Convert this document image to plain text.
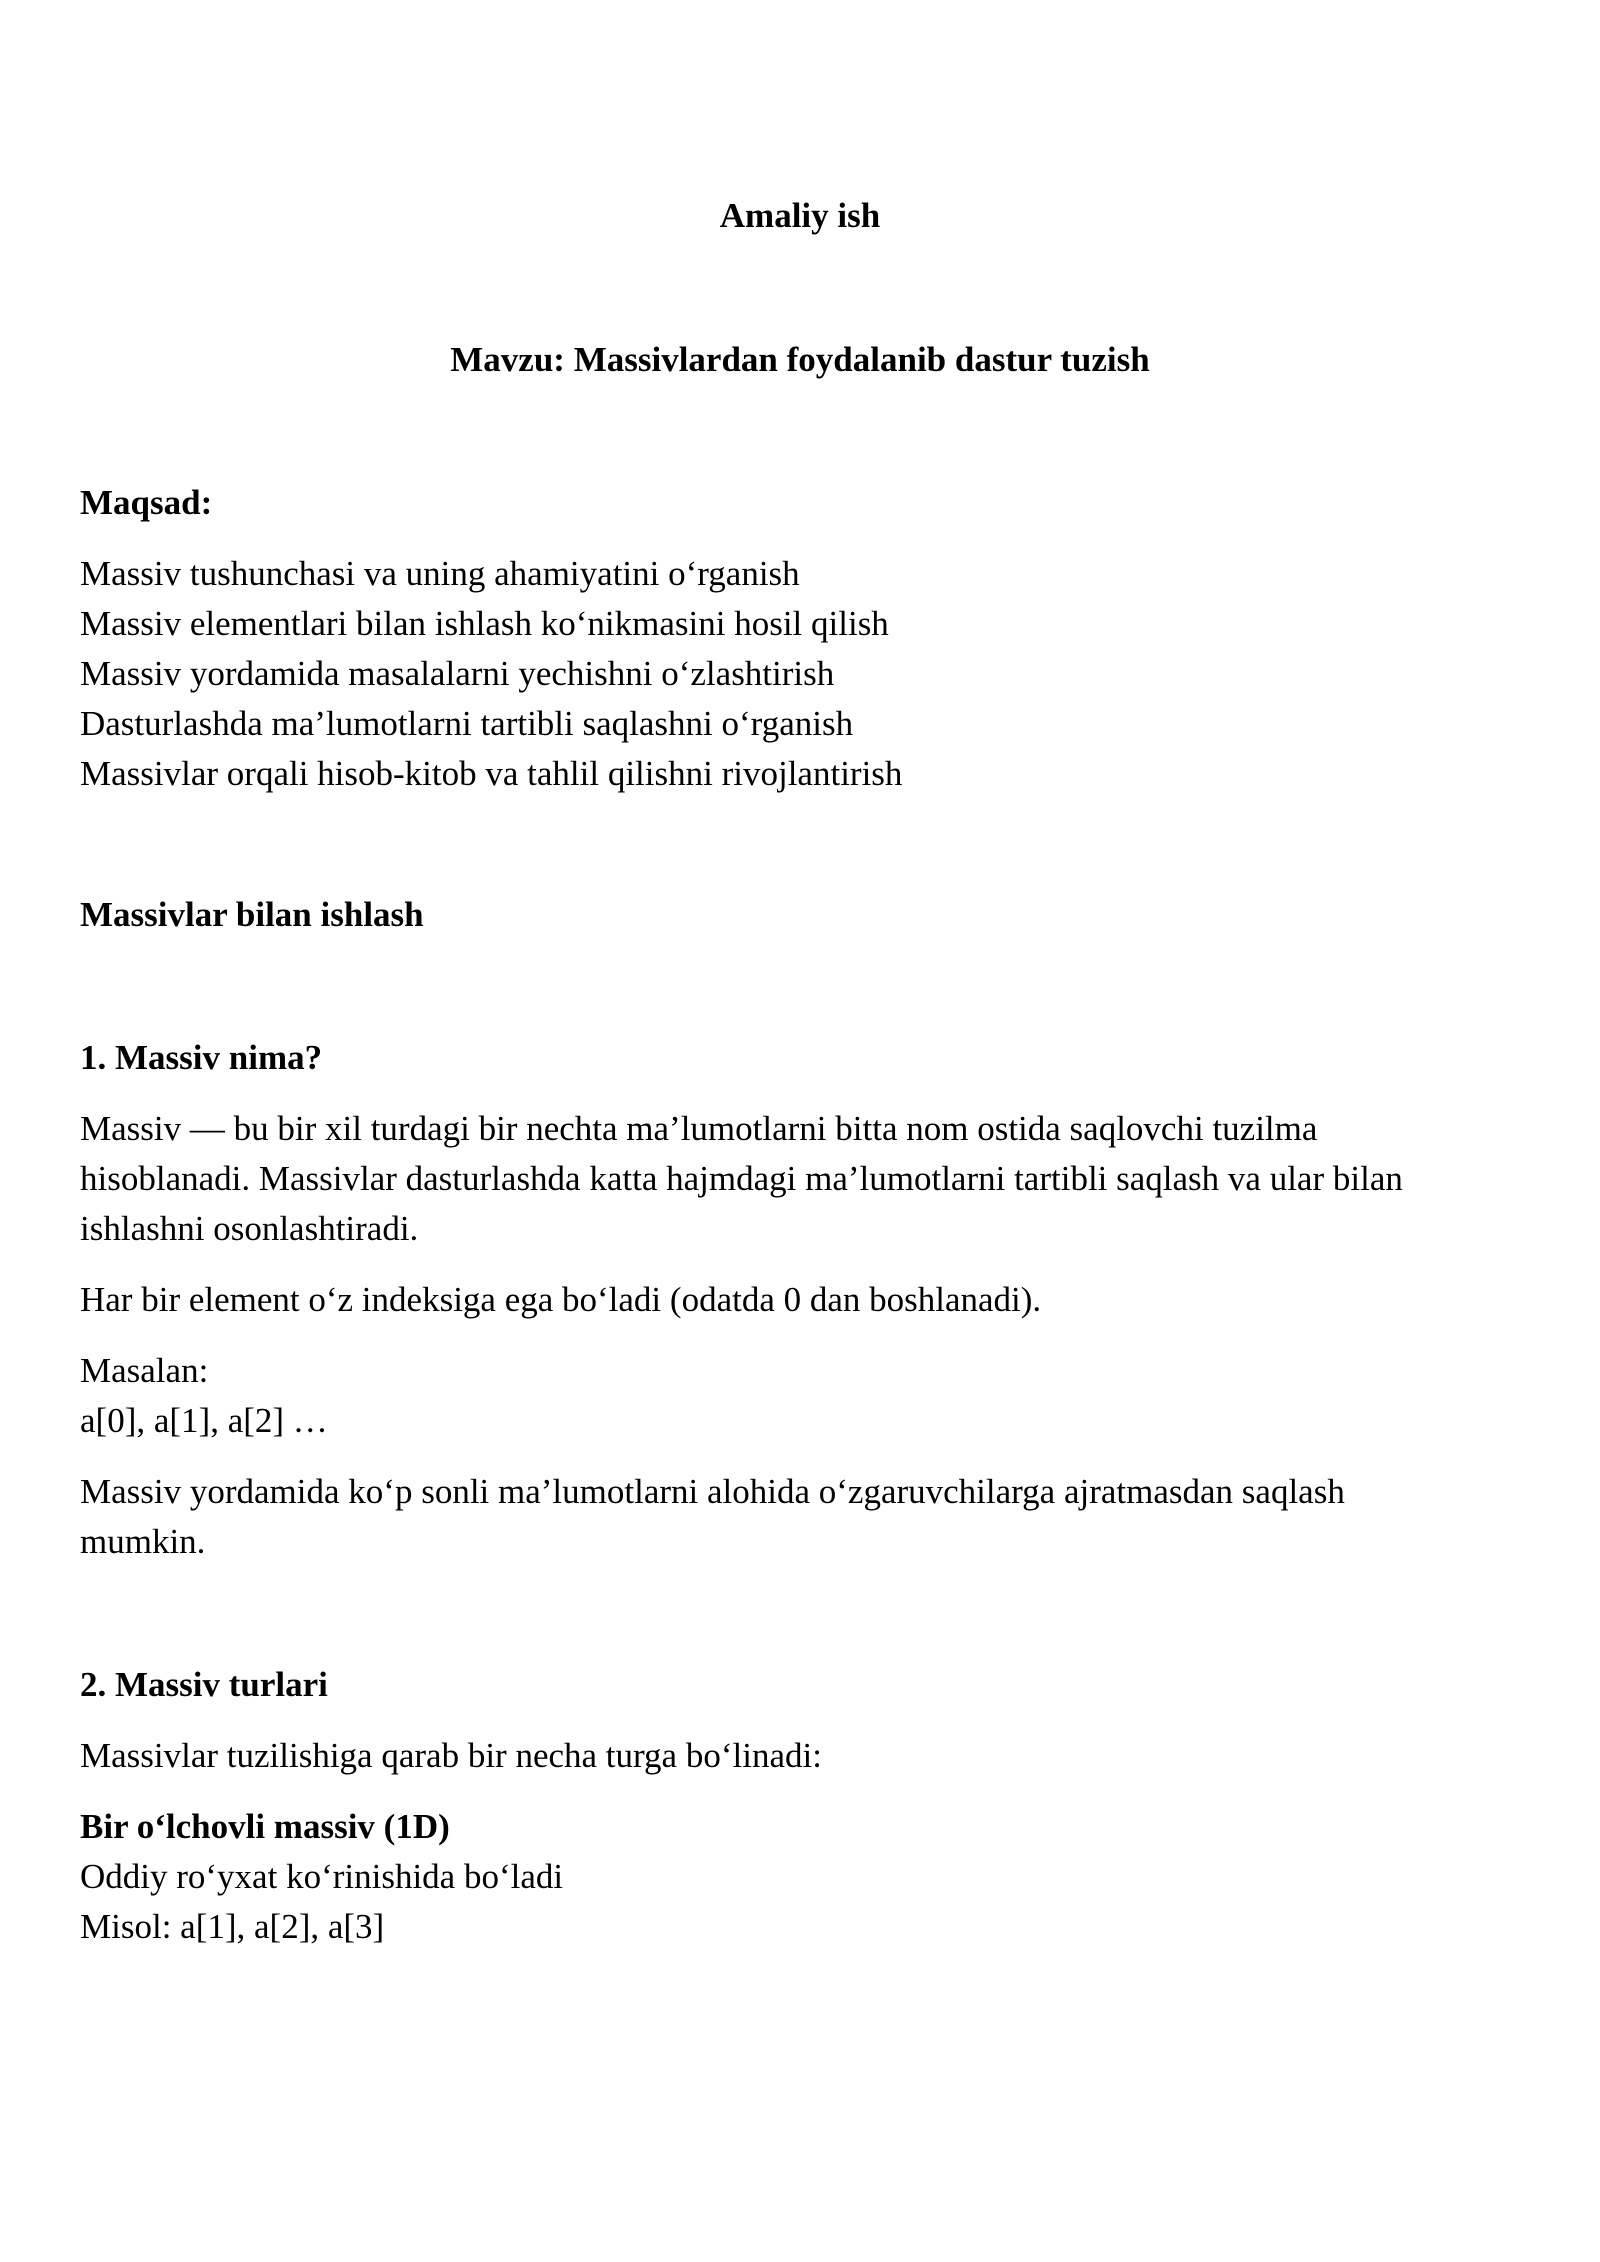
Amaliy ish

Mavzu: Massivlardan foydalanib dastur tuzish

Maqsad:

Massiv tushunchasi va uning ahamiyatini o‘rganish
Massiv elementlari bilan ishlash ko‘nikmasini hosil qilish
Massiv yordamida masalalarni yechishni o‘zlashtirish
Dasturlashda ma’lumotlarni tartibli saqlashni o‘rganish
Massivlar orqali hisob-kitob va tahlil qilishni rivojlantirish

Massivlar bilan ishlash

1. Massiv nima?

Massiv — bu bir xil turdagi bir nechta ma’lumotlarni bitta nom ostida saqlovchi tuzilma
hisoblanadi. Massivlar dasturlashda katta hajmdagi ma’lumotlarni tartibli saqlash va ular bilan
ishlashni osonlashtiradi.

Har bir element o‘z indeksiga ega bo‘ladi (odatda 0 dan boshlanadi).

Masalan:
a[0], a[1], a[2] …
Massiv yordamida ko‘p sonli ma’lumotlarni alohida o‘zgaruvchilarga ajratmasdan saqlash
mumkin.

2. Massiv turlari

Massivlar tuzilishiga qarab bir necha turga bo‘linadi:

Bir o‘lchovli massiv (1D)
Oddiy ro‘yxat ko‘rinishida bo‘ladi
Misol: a[1], a[2], a[3]
